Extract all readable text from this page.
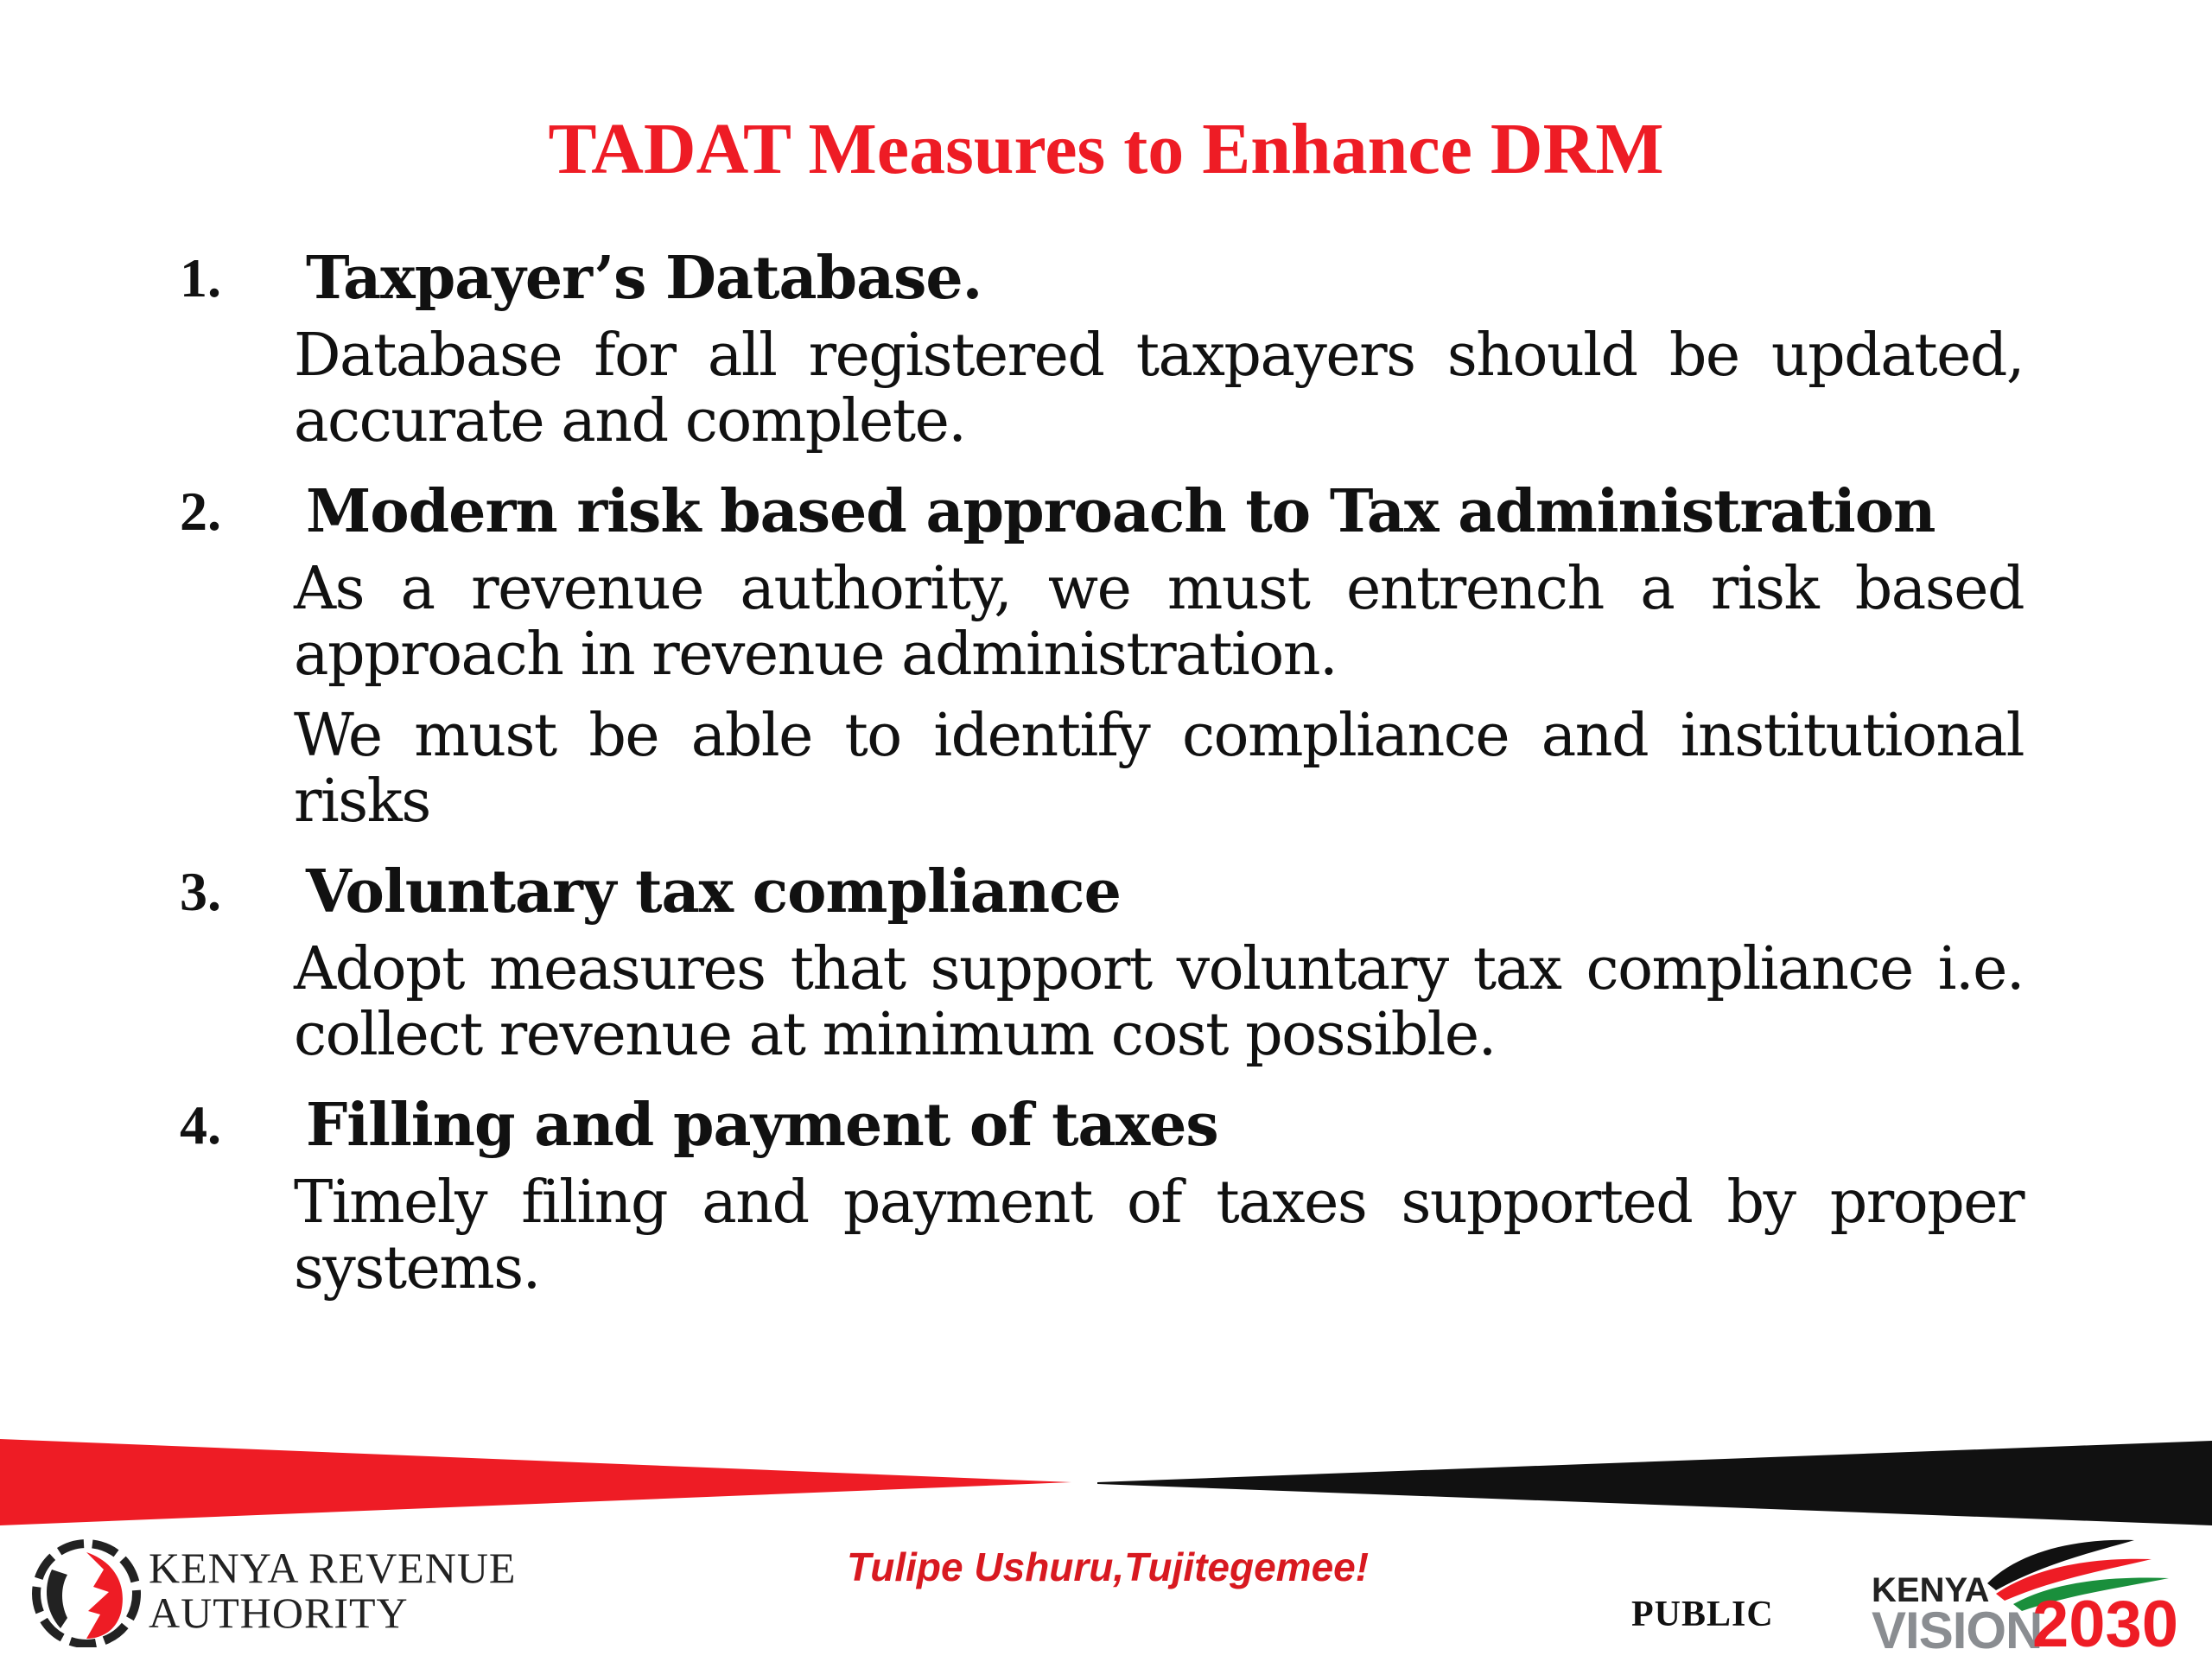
TADAT Measures to Enhance DRM
1.	Taxpayer’s Database.
Database for all registered taxpayers should be updated, accurate and complete.
2.	Modern risk based approach to Tax administration
As a revenue authority, we must entrench a risk based approach in revenue administration.
We must be able to identify compliance and institutional risks
3.	Voluntary tax compliance
Adopt measures that support voluntary tax compliance i.e. collect revenue at minimum cost possible.
4.	Filling and payment of taxes
Timely filing and payment of taxes supported by proper systems.
KENYA REVENUE
AUTHORITY
Tulipe Ushuru,Tujitegemee!
PUBLIC
KENYA
VISION
2030
